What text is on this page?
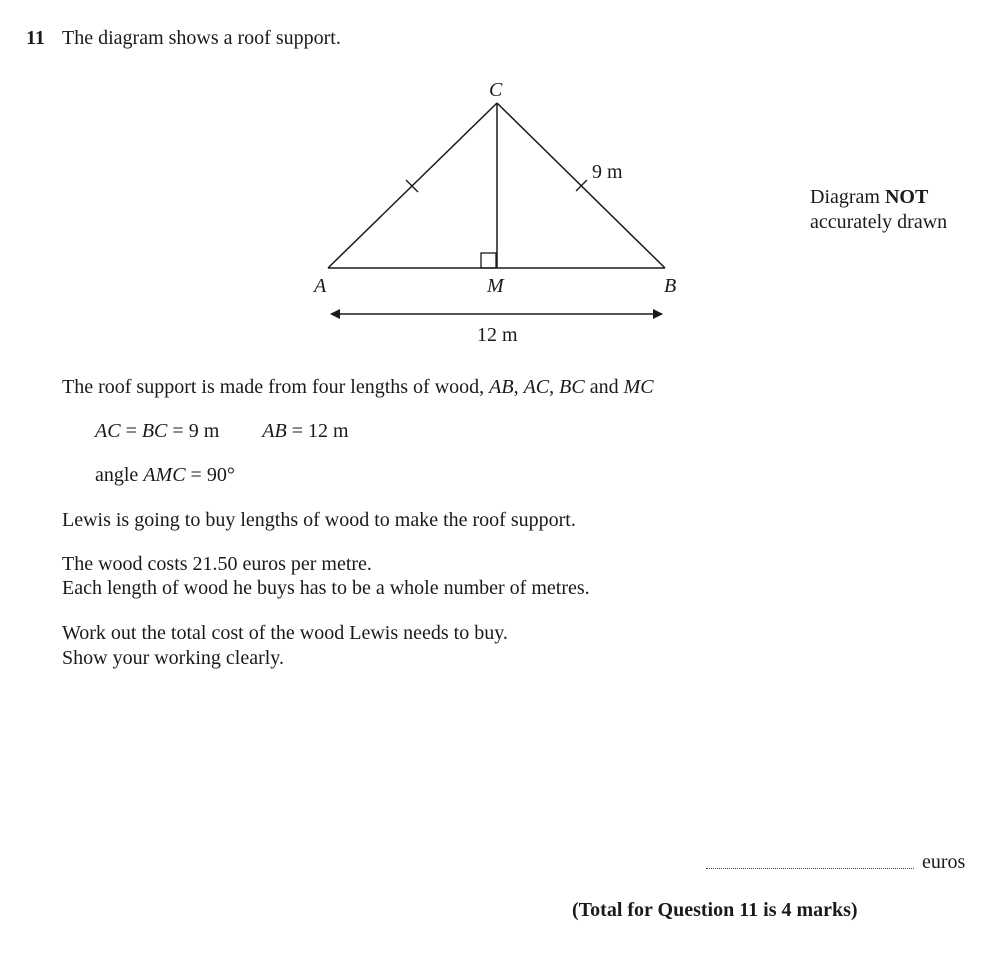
11 The diagram shows a roof support.
C
A	M	B
9 m
12 m
Diagram NOT
accurately drawn
The roof support is made from four lengths of wood, AB, AC, BC and MC
AC = BC = 9 m AB = 12 m
angle AMC = 90°
Lewis is going to buy lengths of wood to make the roof support.
The wood costs 21.50 euros per metre.
Each length of wood he buys has to be a whole number of metres.
Work out the total cost of the wood Lewis needs to buy.
Show your working clearly.
euros
(Total for Question 11 is 4 marks)
